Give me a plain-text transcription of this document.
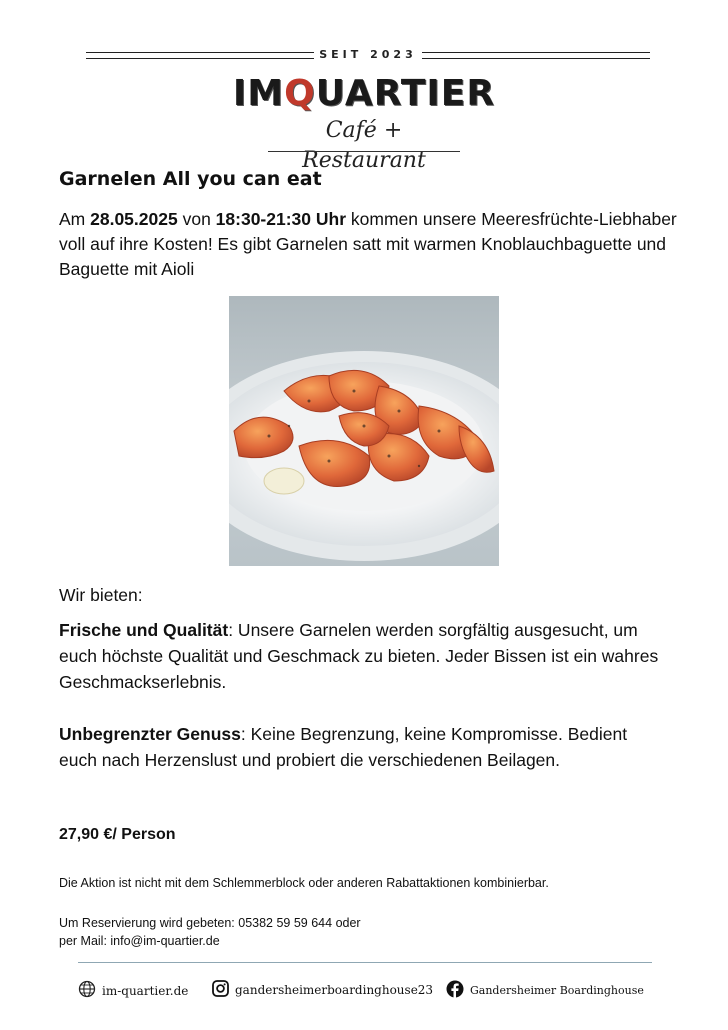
SEIT 2023
IMQUARTIER
Café + Restaurant
Garnelen All you can eat
Am 28.05.2025 von 18:30-21:30 Uhr kommen unsere Meeresfrüchte-Liebhaber voll auf ihre Kosten! Es gibt Garnelen satt mit warmen Knoblauchbaguette und Baguette mit Aioli
Wir bieten:
Frische und Qualität: Unsere Garnelen werden sorgfältig ausgesucht, um euch höchste Qualität und Geschmack zu bieten. Jeder Bissen ist ein wahres Geschmackserlebnis.
Unbegrenzter Genuss: Keine Begrenzung, keine Kompromisse. Bedient euch nach Herzenslust und probiert die verschiedenen Beilagen.
27,90 €/ Person
Die Aktion ist nicht mit dem Schlemmerblock oder anderen Rabattaktionen kombinierbar.
Um Reservierung wird gebeten: 05382 59 59 644 oder
per Mail: info@im-quartier.de
im-quartier.de	gandersheimerboardinghouse23	Gandersheimer Boardinghouse
